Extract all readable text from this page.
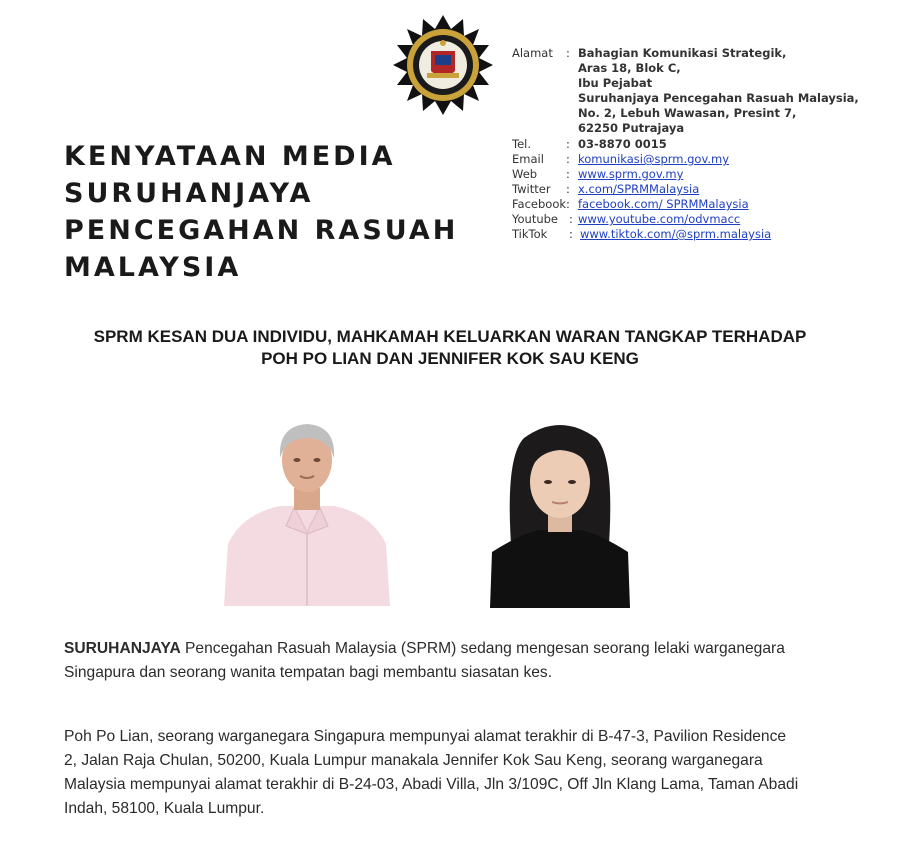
KENYATAAN MEDIA
SURUHANJAYA
PENCEGAHAN RASUAH
MALAYSIA
Alamat : Bahagian Komunikasi Strategik,
Aras 18, Blok C,
Ibu Pejabat
Suruhanjaya Pencegahan Rasuah Malaysia,
No. 2, Lebuh Wawasan, Presint 7,
62250 Putrajaya
Tel.	: 03-8870 0015
Email : komunikasi@sprm.gov.my
Web	: www.sprm.gov.my
Twitter : x.com/SPRMMalaysia
Facebook: facebook.com/ SPRMMalaysia
Youtube : www.youtube.com/odvmacc
TikTok : www.tiktok.com/@sprm.malaysia
SPRM KESAN DUA INDIVIDU, MAHKAMAH KELUARKAN WARAN TANGKAP TERHADAP
POH PO LIAN DAN JENNIFER KOK SAU KENG
SURUHANJAYA Pencegahan Rasuah Malaysia (SPRM) sedang mengesan seorang lelaki warganegara
Singapura dan seorang wanita tempatan bagi membantu siasatan kes.
Poh Po Lian, seorang warganegara Singapura mempunyai alamat terakhir di B-47-3, Pavilion Residence
2, Jalan Raja Chulan, 50200, Kuala Lumpur manakala Jennifer Kok Sau Keng, seorang warganegara
Malaysia mempunyai alamat terakhir di B-24-03, Abadi Villa, Jln 3/109C, Off Jln Klang Lama, Taman Abadi
Indah, 58100, Kuala Lumpur.
